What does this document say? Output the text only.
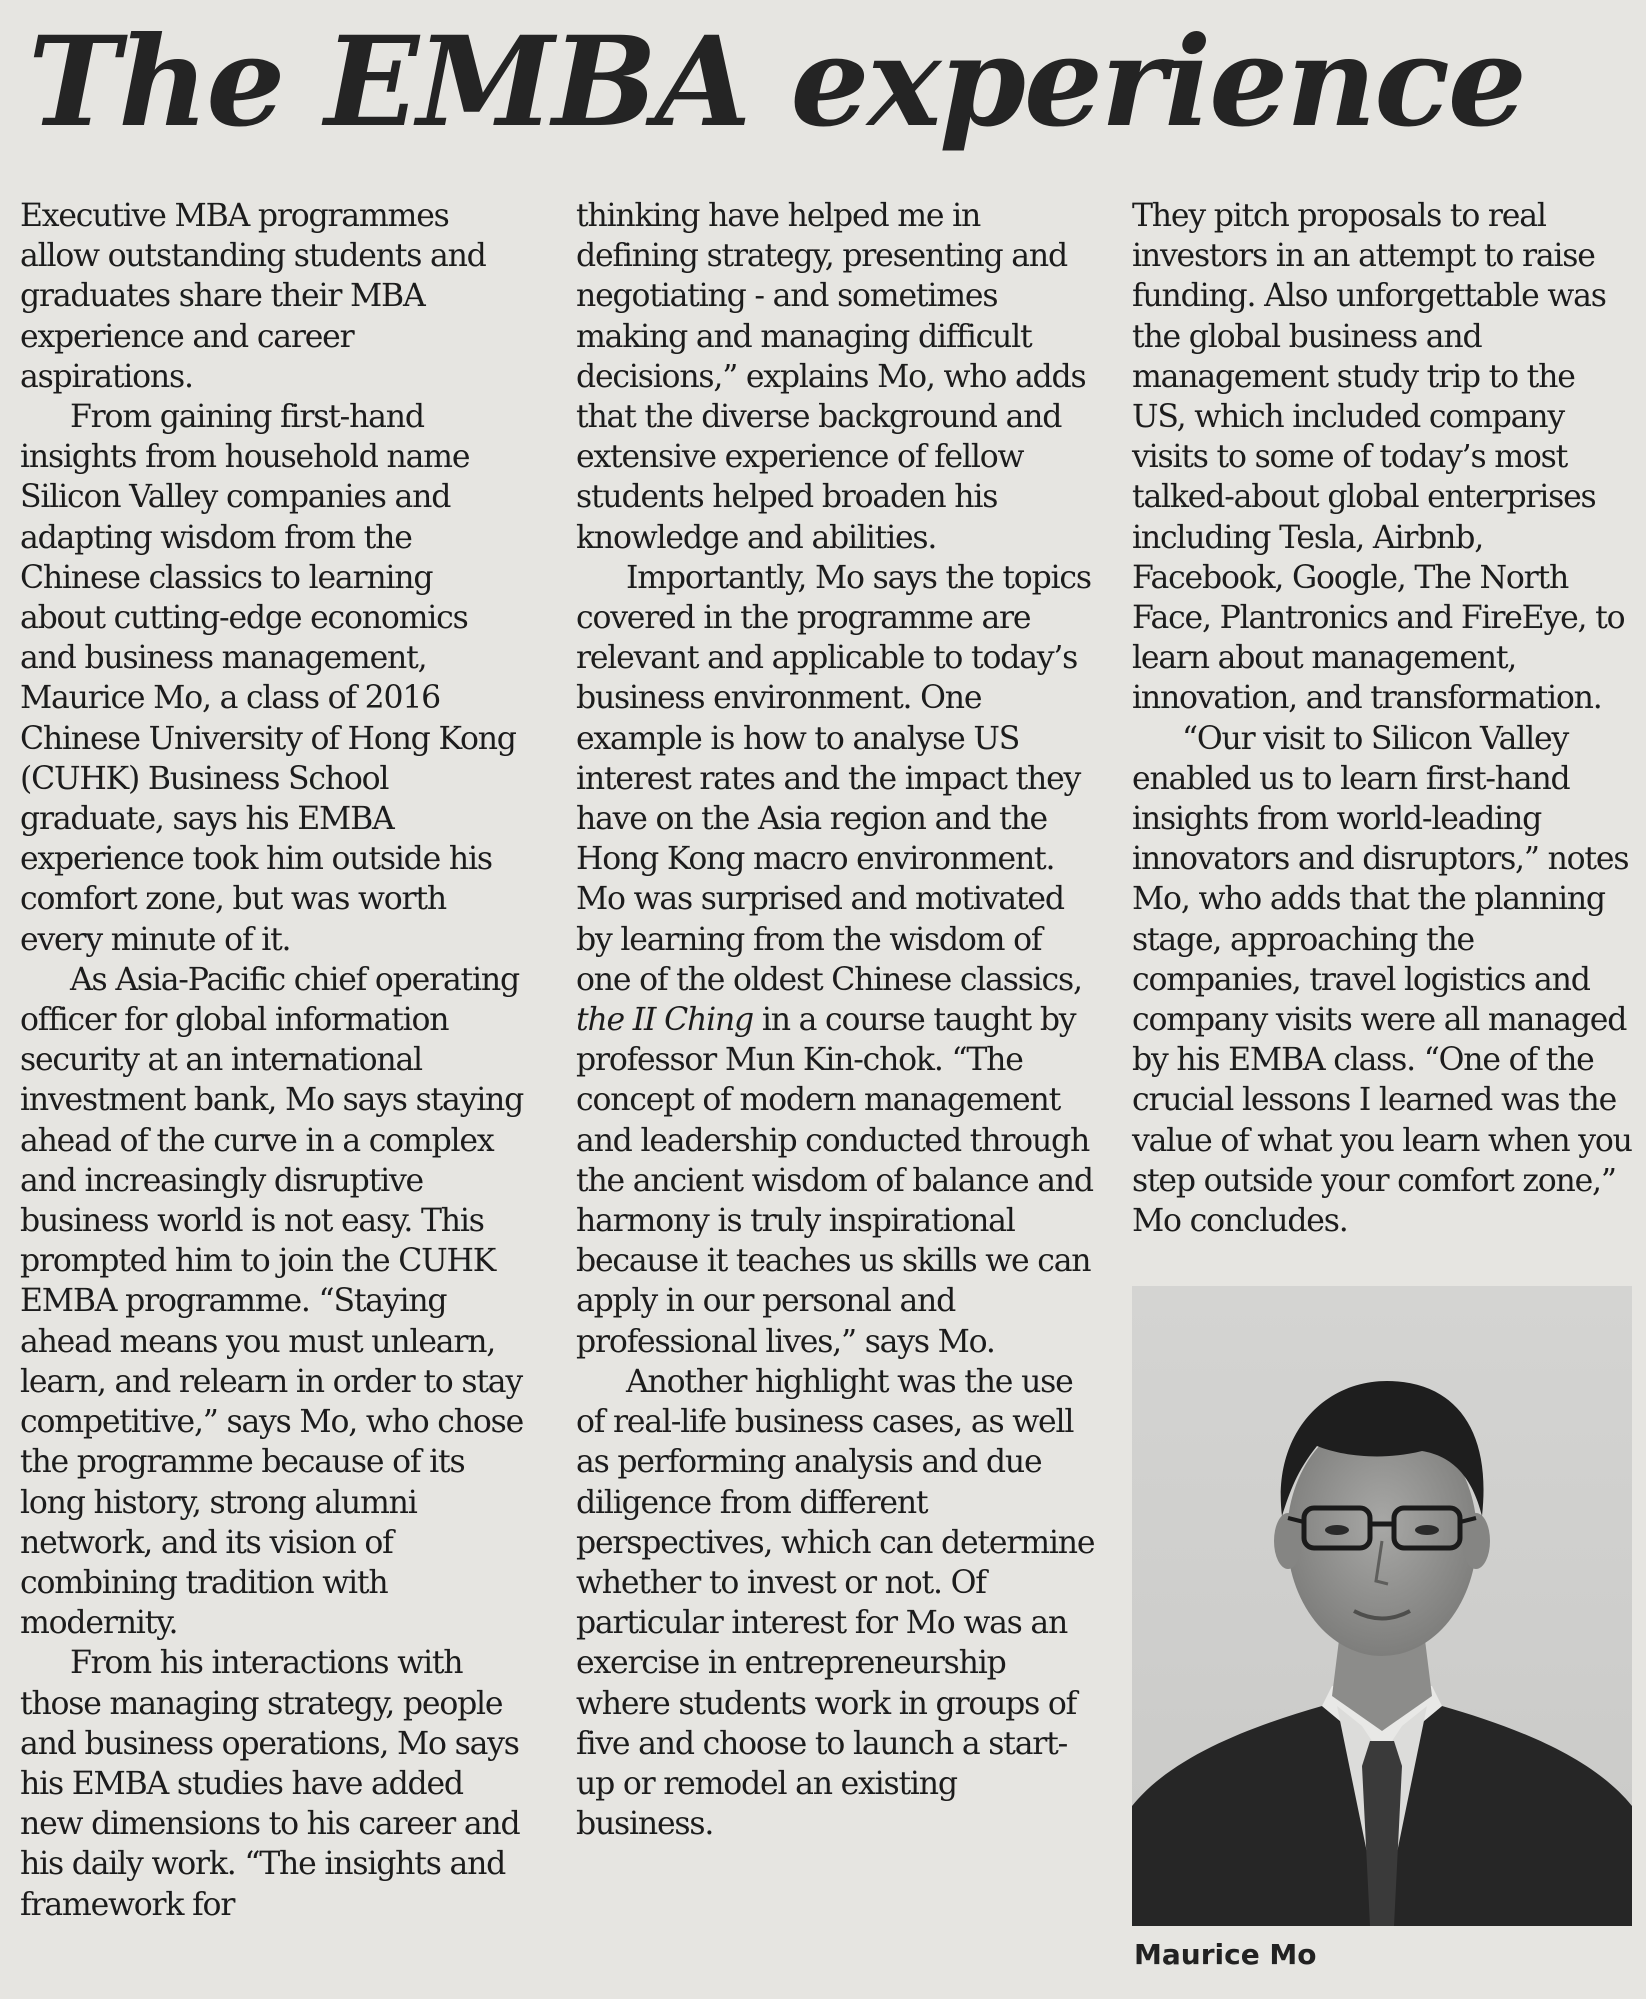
The EMBA experience

Executive MBA programmes allow outstanding students and graduates share their MBA experience and career aspirations.

From gaining first-hand insights from household name Silicon Valley companies and adapting wisdom from the Chinese classics to learning about cutting-edge economics and business management, Maurice Mo, a class of 2016 Chinese University of Hong Kong (CUHK) Business School graduate, says his EMBA experience took him outside his comfort zone, but was worth every minute of it.

As Asia-Pacific chief operating officer for global information security at an international investment bank, Mo says staying ahead of the curve in a complex and increasingly disruptive business world is not easy. This prompted him to join the CUHK EMBA programme. “Staying ahead means you must unlearn, learn, and relearn in order to stay competitive,” says Mo, who chose the programme because of its long history, strong alumni network, and its vision of combining tradition with modernity.

From his interactions with those managing strategy, people and business operations, Mo says his EMBA studies have added new dimensions to his career and his daily work. “The insights and framework for

thinking have helped me in defining strategy, presenting and negotiating - and sometimes making and managing difficult decisions,” explains Mo, who adds that the diverse background and extensive experience of fellow students helped broaden his knowledge and abilities.

Importantly, Mo says the topics covered in the programme are relevant and applicable to today’s business environment. One example is how to analyse US interest rates and the impact they have on the Asia region and the Hong Kong macro environment. Mo was surprised and motivated by learning from the wisdom of one of the oldest Chinese classics, the II Ching in a course taught by professor Mun Kin-chok. “The concept of modern management and leadership conducted through the ancient wisdom of balance and harmony is truly inspirational because it teaches us skills we can apply in our personal and professional lives,” says Mo.

Another highlight was the use of real-life business cases, as well as performing analysis and due diligence from different perspectives, which can determine whether to invest or not. Of particular interest for Mo was an exercise in entrepreneurship where students work in groups of five and choose to launch a start-up or remodel an existing business.

They pitch proposals to real investors in an attempt to raise funding. Also unforgettable was the global business and management study trip to the US, which included company visits to some of today’s most talked-about global enterprises including Tesla, Airbnb, Facebook, Google, The North Face, Plantronics and FireEye, to learn about management, innovation, and transformation.

“Our visit to Silicon Valley enabled us to learn first-hand insights from world-leading innovators and disruptors,” notes Mo, who adds that the planning stage, approaching the companies, travel logistics and company visits were all managed by his EMBA class. “One of the crucial lessons I learned was the value of what you learn when you step outside your comfort zone,” Mo concludes.

Maurice Mo
